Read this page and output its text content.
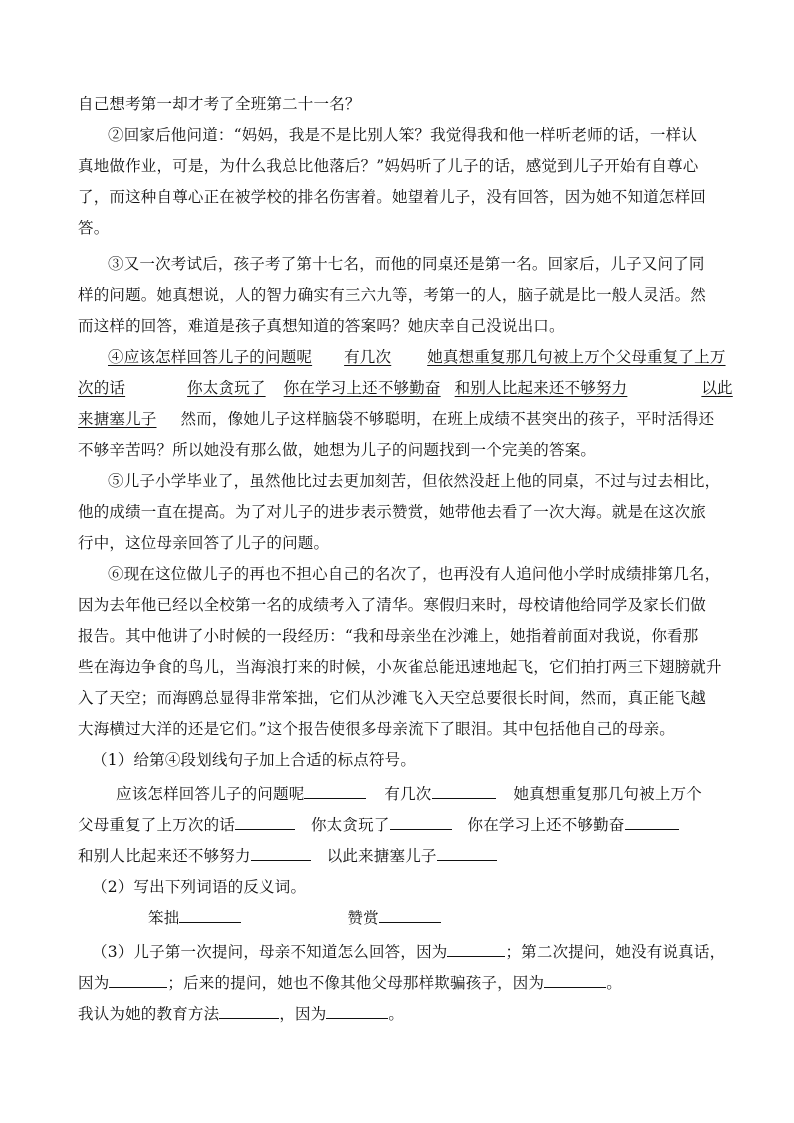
自己想考第一却才考了全班第二十一名？
②回家后他问道：“妈妈，我是不是比别人笨？我觉得我和他一样听老师的话，一样认
真地做作业，可是，为什么我总比他落后？”妈妈听了儿子的话，感觉到儿子开始有自尊心
了，而这种自尊心正在被学校的排名伤害着。她望着儿子，没有回答，因为她不知道怎样回
答。
③又一次考试后，孩子考了第十七名，而他的同桌还是第一名。回家后，儿子又问了同
样的问题。她真想说，人的智力确实有三六九等，考第一的人，脑子就是比一般人灵活。然
而这样的回答，难道是孩子真想知道的答案吗？她庆幸自己没说出口。
④应该怎样回答儿子的问题呢 有几次 她真想重复那几句被上万个父母重复了上万
次的话	你太贪玩了 你在学习上还不够勤奋 和别人比起来还不够努力	以此
来搪塞儿子 然而，像她儿子这样脑袋不够聪明，在班上成绩不甚突出的孩子，平时活得还
不够辛苦吗？所以她没有那么做，她想为儿子的问题找到一个完美的答案。
⑤儿子小学毕业了，虽然他比过去更加刻苦，但依然没赶上他的同桌，不过与过去相比，
他的成绩一直在提高。为了对儿子的进步表示赞赏，她带他去看了一次大海。就是在这次旅
行中，这位母亲回答了儿子的问题。
⑥现在这位做儿子的再也不担心自己的名次了，也再没有人追问他小学时成绩排第几名，
因为去年他已经以全校第一名的成绩考入了清华。寒假归来时，母校请他给同学及家长们做
报告。其中他讲了小时候的一段经历：“我和母亲坐在沙滩上，她指着前面对我说，你看那
些在海边争食的鸟儿，当海浪打来的时候，小灰雀总能迅速地起飞，它们拍打两三下翅膀就升
入了天空；而海鸥总显得非常笨拙，它们从沙滩飞入天空总要很长时间，然而，真正能飞越
大海横过大洋的还是它们。”这个报告使很多母亲流下了眼泪。其中包括他自己的母亲。
（1）给第④段划线句子加上合适的标点符号。
应该怎样回答儿子的问题呢	有几次	她真想重复那几句被上万个
父母重复了上万次的话	你太贪玩了	你在学习上还不够勤奋
和别人比起来还不够努力	以此来搪塞儿子
（2）写出下列词语的反义词。
笨拙	赞赏
（3）儿子第一次提问，母亲不知道怎么回答，因为	；第二次提问，她没有说真话，
因为	；后来的提问，她也不像其他父母那样欺骗孩子，因为	。
我认为她的教育方法	，因为	。
